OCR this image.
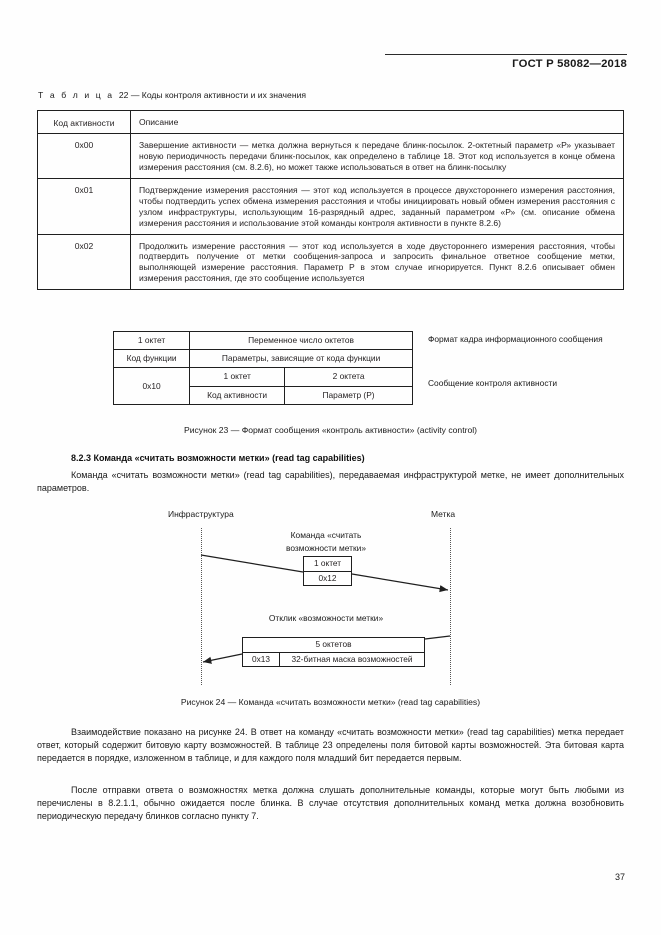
ГОСТ Р 58082—2018
Т а б л и ц а 22 — Коды контроля активности и их значения
Код активности	Описание
0x00	Завершение активности — метка должна вернуться к передаче блинк-посылок. 2-октетный параметр «Р» указывает новую периодичность передачи блинк-посылок, как определено в таблице 18. Этот код используется в конце обмена измерения расстояния (см. 8.2.6), но может также использоваться в ответ на блинк-посылку
0x01	Подтверждение измерения расстояния — этот код используется в процессе двухстороннего измерения расстояния, чтобы подтвердить успех обмена измерения расстояния и чтобы инициировать новый обмен измерения расстояния с узлом инфраструктуры, использующим 16-разрядный адрес, заданный параметром «Р» (см. описание обмена измерения расстояния и использование этой команды контроля активности в пункте 8.2.6)
0x02	Продолжить измерение расстояния — этот код используется в ходе двустороннего измерения расстояния, чтобы подтвердить получение от метки сообщения-запроса и запросить финальное ответное сообщение метки, выполняющей измерение расстояния. Параметр Р в этом случае игнорируется. Пункт 8.2.6 описывает обмен измерения расстояния, где это сообщение используется
1 октет	Переменное число октетов	
Код функции	Параметры, зависящие от кода функции	
0x10	1 октет	2 октета
	Код активности	Параметр (Р)
Формат кадра информационного сообщения
Сообщение контроля активности
Рисунок 23 — Формат сообщения «контроль активности» (activity control)
8.2.3 Команда «считать возможности метки» (read tag capabilities)
Команда «считать возможности метки» (read tag capabilities), передаваемая инфраструктурой метке, не имеет дополнительных параметров.
Инфраструктура	Метка
Команда «считать
возможности метки»
Отклик «возможности метки»
1 октет
0x12
5 октетов
0x13	32-битная маска возможностей
Рисунок 24 — Команда «считать возможности метки» (read tag capabilities)
Взаимодействие показано на рисунке 24. В ответ на команду «считать возможности метки» (read tag capabilities) метка передает ответ, который содержит битовую карту возможностей. В таблице 23 определены поля битовой карты возможностей. Эта битовая карта передается в порядке, изложенном в таблице, и для каждого поля младший бит передается первым.
После отправки ответа о возможностях метка должна слушать дополнительные команды, которые могут быть любыми из перечислены в 8.2.1.1, обычно ожидается после блинка. В случае отсутствия дополнительных команд метка должна возобновить периодическую передачу блинков согласно пункту 7.
37
